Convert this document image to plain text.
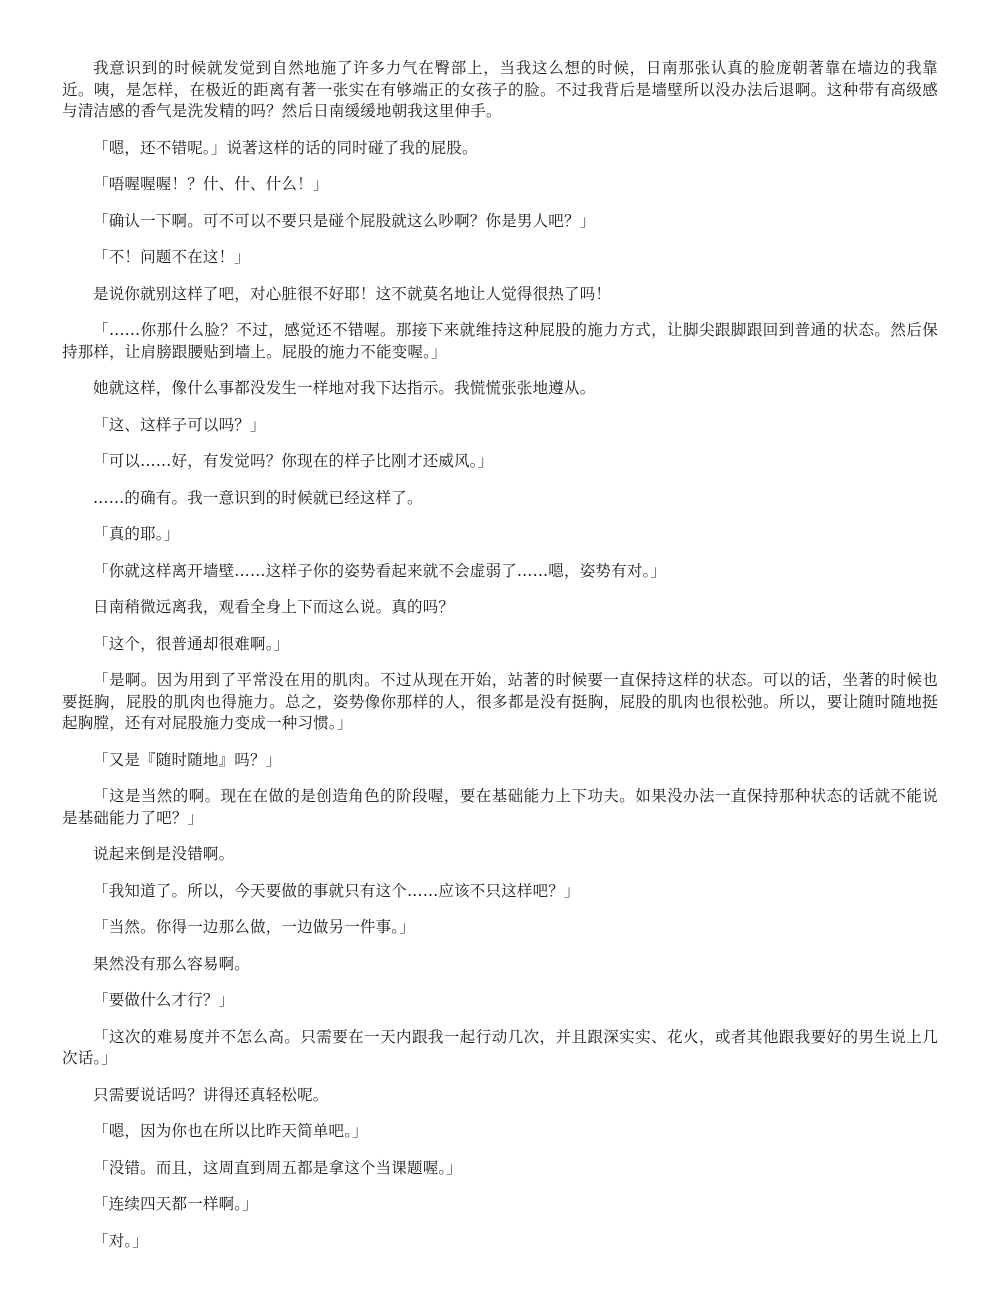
我意识到的时候就发觉到自然地施了许多力气在臀部上，当我这么想的时候，日南那张认真的脸庞朝著靠在墙边的我靠近。咦，是怎样，在极近的距离有著一张实在有够端正的女孩子的脸。不过我背后是墙壁所以没办法后退啊。这种带有高级感与清洁感的香气是洗发精的吗？然后日南缓缓地朝我这里伸手。

「嗯，还不错呢。」说著这样的话的同时碰了我的屁股。

「唔喔喔喔！？什、什、什么！」

「确认一下啊。可不可以不要只是碰个屁股就这么吵啊？你是男人吧？」

「不！问题不在这！」

是说你就别这样了吧，对心脏很不好耶！这不就莫名地让人觉得很热了吗！

「……你那什么脸？不过，感觉还不错喔。那接下来就维持这种屁股的施力方式，让脚尖跟脚跟回到普通的状态。然后保持那样，让肩膀跟腰贴到墙上。屁股的施力不能变喔。」

她就这样，像什么事都没发生一样地对我下达指示。我慌慌张张地遵从。

「这、这样子可以吗？」

「可以……好，有发觉吗？你现在的样子比刚才还威风。」

……的确有。我一意识到的时候就已经这样了。

「真的耶。」

「你就这样离开墙壁……这样子你的姿势看起来就不会虚弱了……嗯，姿势有对。」

日南稍微远离我，观看全身上下而这么说。真的吗？

「这个，很普通却很难啊。」

「是啊。因为用到了平常没在用的肌肉。不过从现在开始，站著的时候要一直保持这样的状态。可以的话，坐著的时候也要挺胸，屁股的肌肉也得施力。总之，姿势像你那样的人，很多都是没有挺胸，屁股的肌肉也很松弛。所以，要让随时随地挺起胸膛，还有对屁股施力变成一种习惯。」

「又是『随时随地』吗？」

「这是当然的啊。现在在做的是创造角色的阶段喔，要在基础能力上下功夫。如果没办法一直保持那种状态的话就不能说是基础能力了吧？」

说起来倒是没错啊。

「我知道了。所以，今天要做的事就只有这个……应该不只这样吧？」

「当然。你得一边那么做，一边做另一件事。」

果然没有那么容易啊。

「要做什么才行？」

「这次的难易度并不怎么高。只需要在一天内跟我一起行动几次，并且跟深实实、花火，或者其他跟我要好的男生说上几次话。」

只需要说话吗？讲得还真轻松呢。

「嗯，因为你也在所以比昨天简单吧。」

「没错。而且，这周直到周五都是拿这个当课题喔。」

「连续四天都一样啊。」

「对。」
